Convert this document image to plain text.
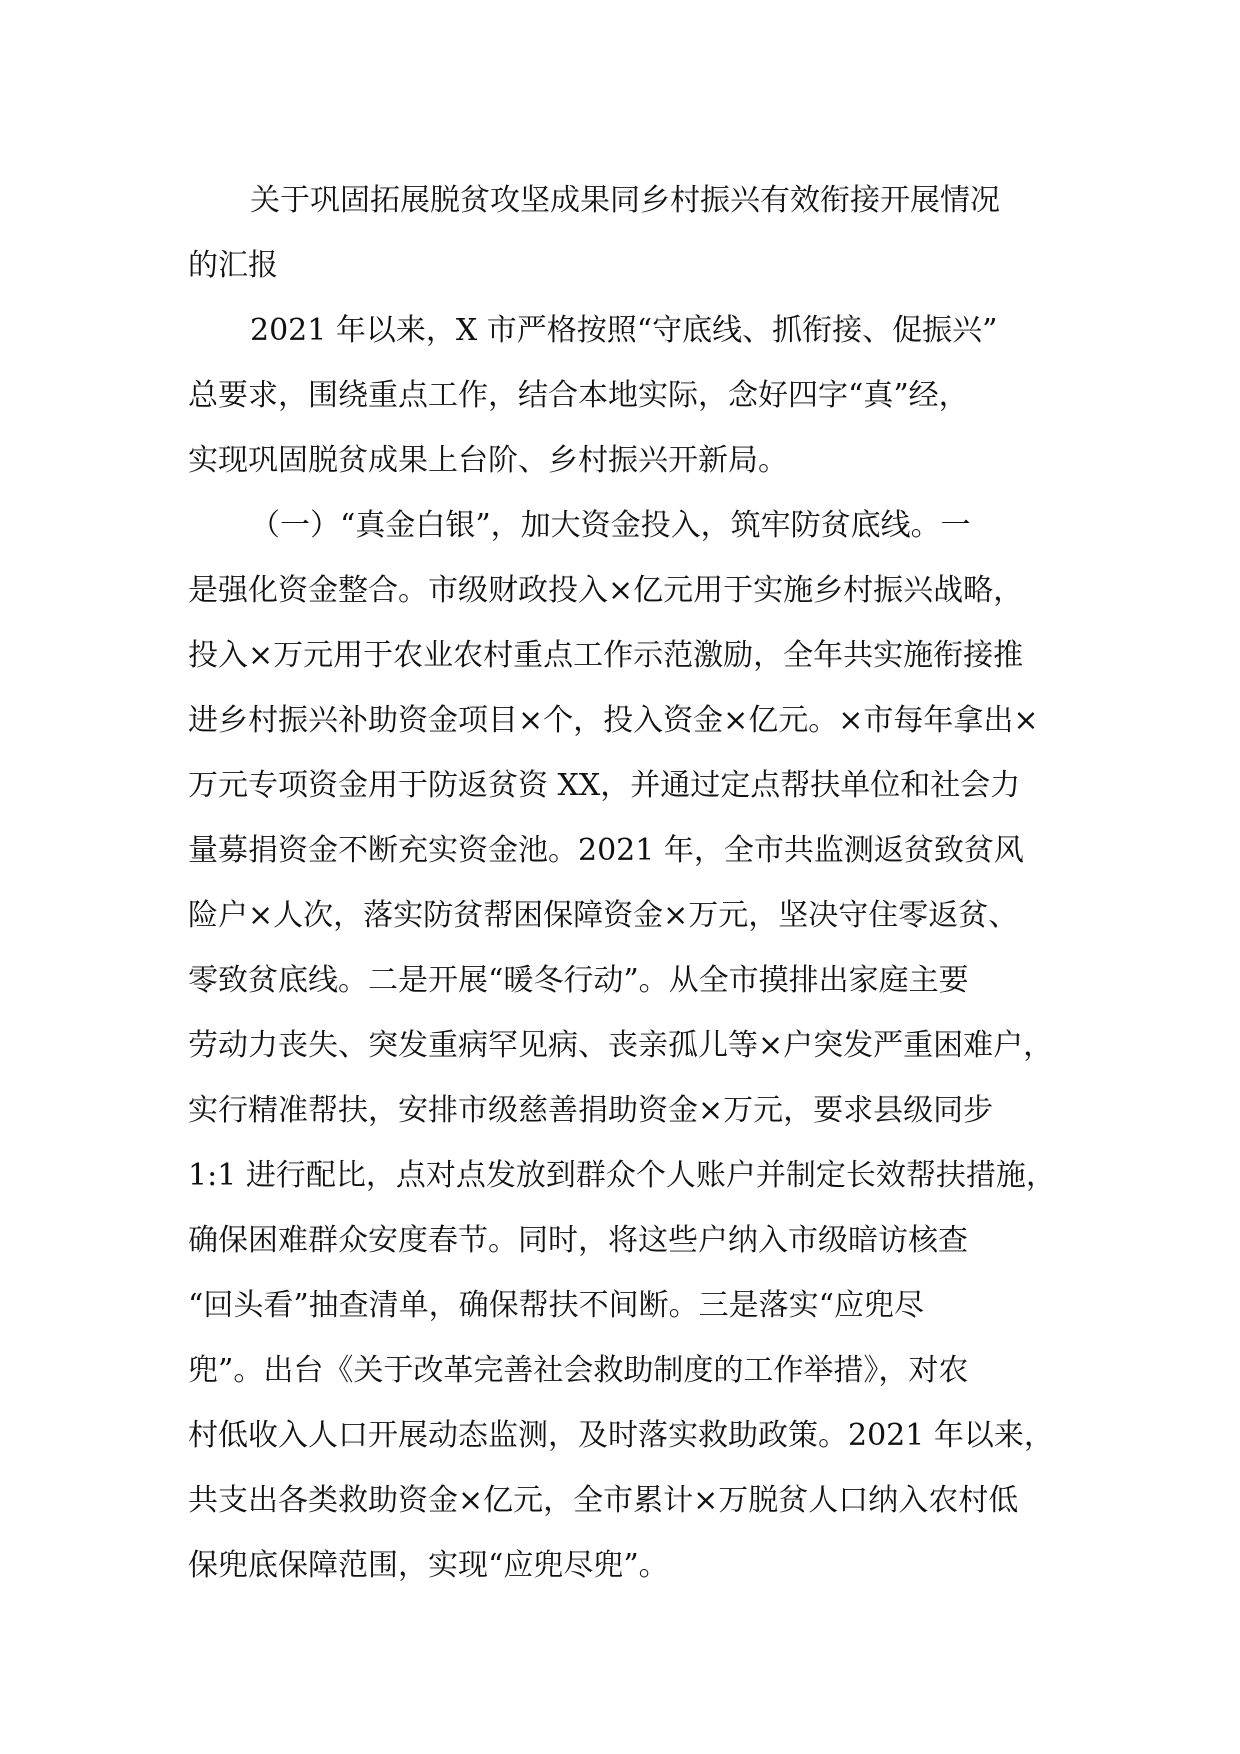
关于巩固拓展脱贫攻坚成果同乡村振兴有效衔接开展情况

的汇报

2021 年以来，X 市严格按照“守底线、抓衔接、促振兴”
总要求，围绕重点工作，结合本地实际，念好四字“真”经，
实现巩固脱贫成果上台阶、乡村振兴开新局。

（一）“真金白银”，加大资金投入，筑牢防贫底线。一
是强化资金整合。市级财政投入×亿元用于实施乡村振兴战略，
投入×万元用于农业农村重点工作示范激励，全年共实施衔接推
进乡村振兴补助资金项目×个，投入资金×亿元。×市每年拿出×
万元专项资金用于防返贫资 XX，并通过定点帮扶单位和社会力
量募捐资金不断充实资金池。2021 年，全市共监测返贫致贫风
险户×人次，落实防贫帮困保障资金×万元，坚决守住零返贫、
零致贫底线。二是开展“暖冬行动”。从全市摸排出家庭主要
劳动力丧失、突发重病罕见病、丧亲孤儿等×户突发严重困难户，
实行精准帮扶，安排市级慈善捐助资金×万元，要求县级同步
1:1 进行配比，点对点发放到群众个人账户并制定长效帮扶措施，
确保困难群众安度春节。同时，将这些户纳入市级暗访核查
“回头看”抽查清单，确保帮扶不间断。三是落实“应兜尽
兜”。出台《关于改革完善社会救助制度的工作举措》，对农
村低收入人口开展动态监测，及时落实救助政策。2021 年以来，
共支出各类救助资金×亿元，全市累计×万脱贫人口纳入农村低
保兜底保障范围，实现“应兜尽兜”。
